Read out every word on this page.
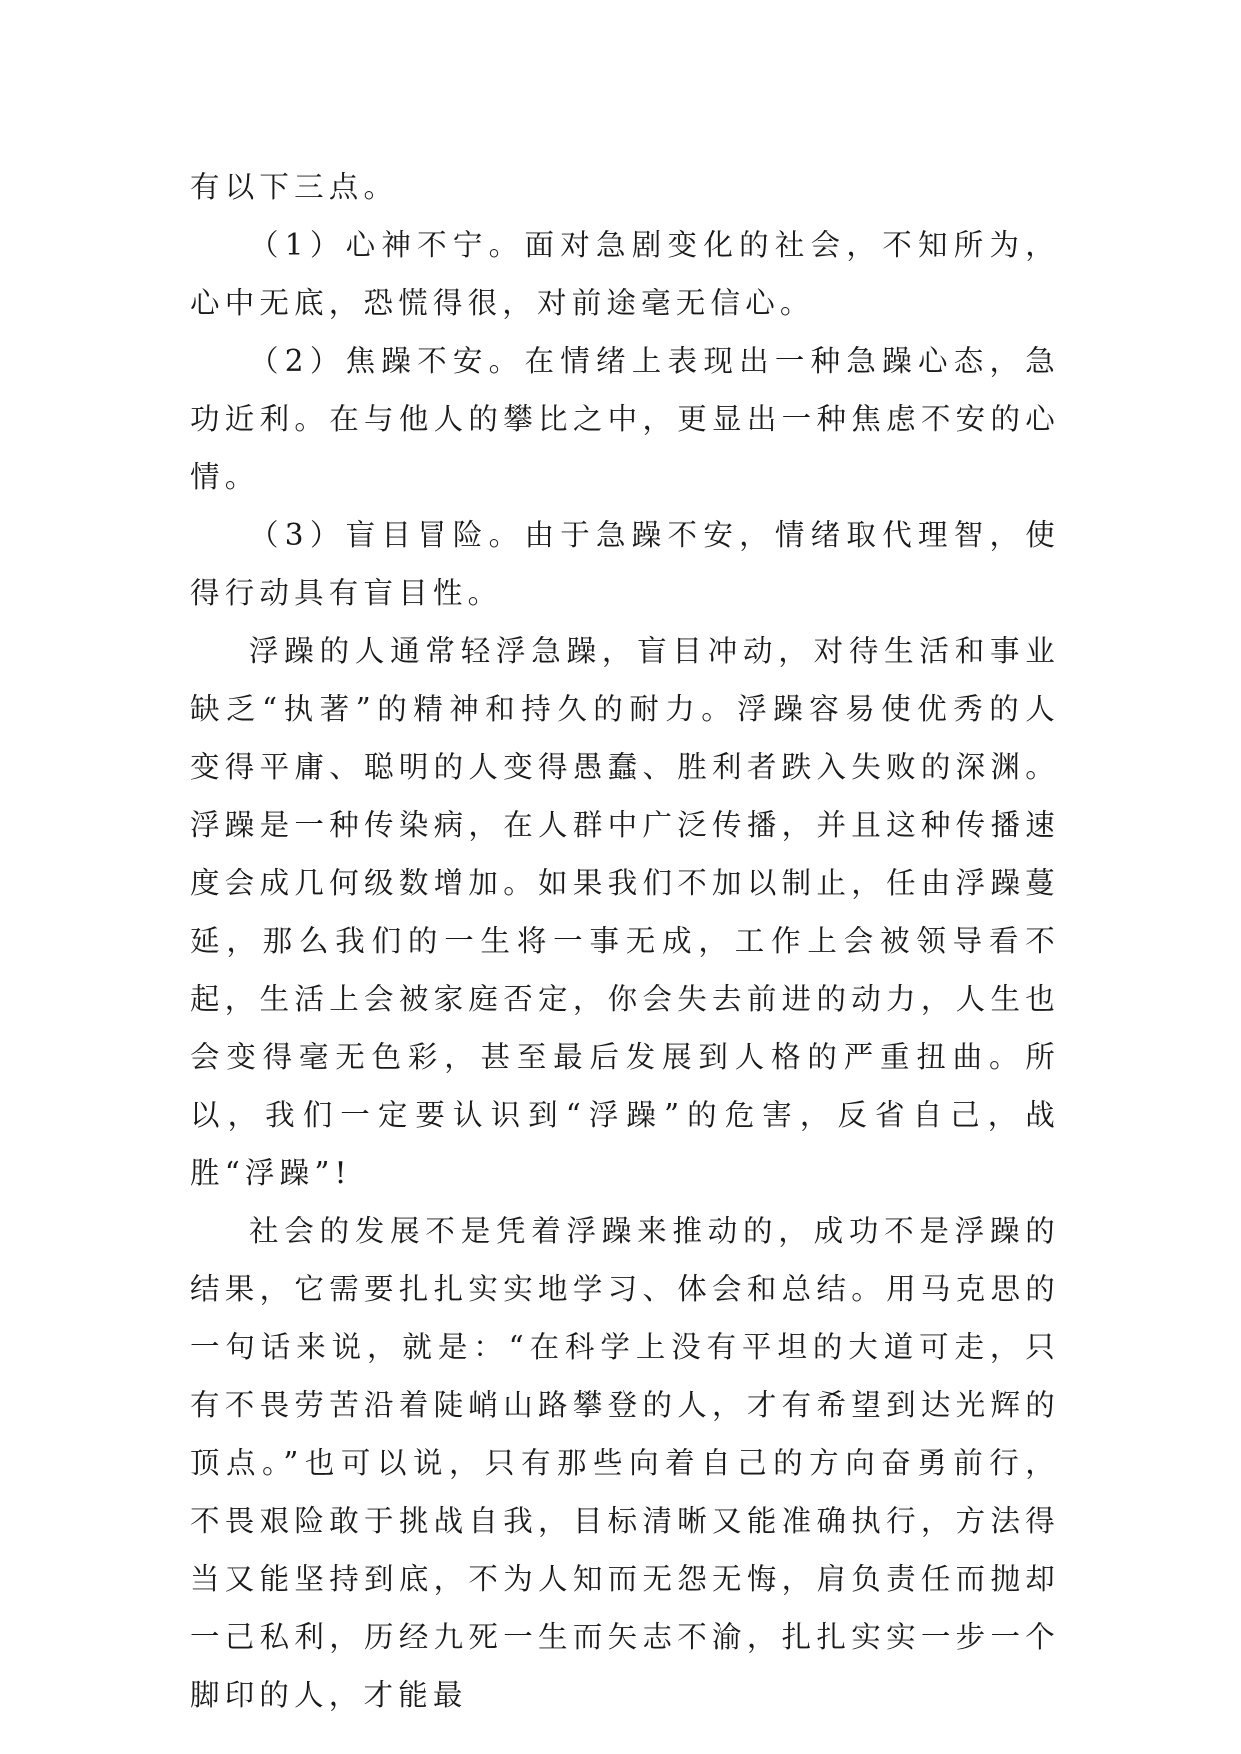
有以下三点。

（1）心神不宁。面对急剧变化的社会，不知所为，心中无底，恐慌得很，对前途毫无信心。

（2）焦躁不安。在情绪上表现出一种急躁心态，急功近利。在与他人的攀比之中，更显出一种焦虑不安的心情。

（3）盲目冒险。由于急躁不安，情绪取代理智，使得行动具有盲目性。

浮躁的人通常轻浮急躁，盲目冲动，对待生活和事业缺乏“执著”的精神和持久的耐力。浮躁容易使优秀的人变得平庸、聪明的人变得愚蠢、胜利者跌入失败的深渊。浮躁是一种传染病，在人群中广泛传播，并且这种传播速度会成几何级数增加。如果我们不加以制止，任由浮躁蔓延，那么我们的一生将一事无成，工作上会被领导看不起，生活上会被家庭否定，你会失去前进的动力，人生也会变得毫无色彩，甚至最后发展到人格的严重扭曲。所以，我们一定要认识到“浮躁”的危害，反省自己，战胜“浮躁”!

社会的发展不是凭着浮躁来推动的，成功不是浮躁的结果，它需要扎扎实实地学习、体会和总结。用马克思的一句话来说，就是：“在科学上没有平坦的大道可走，只有不畏劳苦沿着陡峭山路攀登的人，才有希望到达光辉的顶点。”也可以说，只有那些向着自己的方向奋勇前行，不畏艰险敢于挑战自我，目标清晰又能准确执行，方法得当又能坚持到底，不为人知而无怨无悔，肩负责任而抛却一己私利，历经九死一生而矢志不渝，扎扎实实一步一个脚印的人，才能最
